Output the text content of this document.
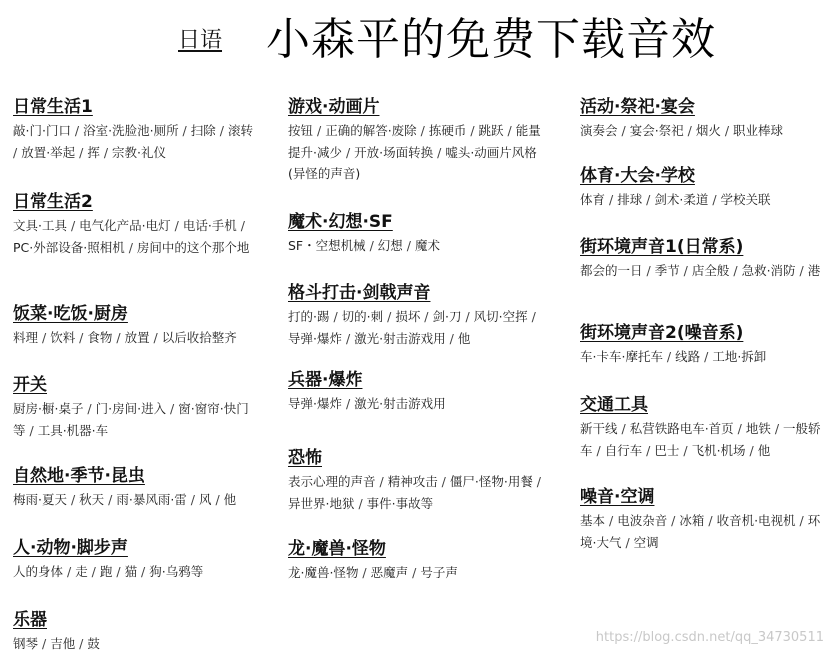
日语 小森平的免费下载音效
日常生活1
敲·门·门口 / 浴室·洗脸池·厕所 / 扫除 / 滚转 / 放置·举起 / 挥 / 宗教·礼仪
日常生活2
文具·工具 / 电气化产品·电灯 / 电话·手机 / PC·外部设备·照相机 / 房间中的这个那个地
饭菜·吃饭·厨房
料理 / 饮料 / 食物 / 放置 / 以后收拾整齐
开关
厨房·橱·桌子 / 门·房间·进入 / 窗·窗帘·快门等 / 工具·机器·车
自然地·季节·昆虫
梅雨·夏天 / 秋天 / 雨·暴风雨·雷 / 风 / 他
人·动物·脚步声
人的身体 / 走 / 跑 / 猫 / 狗·乌鸦等
乐器
钢琴 / 吉他 / 鼓
游戏·动画片
按钮 / 正确的解答·废除 / 拣硬币 / 跳跃 / 能量提升·减少 / 开放·场面转换 / 嘘头·动画片风格(异怪的声音)
魔术·幻想·SF
SF・空想机械 / 幻想 / 魔术
格斗打击·剑戟声音
打的·踢 / 切的·刺 / 损坏 / 剑·刀 / 风切·空挥 / 导弹·爆炸 / 激光·射击游戏用 / 他
兵器·爆炸
导弹·爆炸 / 激光·射击游戏用
恐怖
表示心理的声音 / 精神攻击 / 僵尸·怪物·用餐 / 异世界·地狱 / 事件·事故等
龙·魔兽·怪物
龙·魔兽·怪物 / 恶魔声 / 号子声
活动·祭祀·宴会
演奏会 / 宴会·祭祀 / 烟火 / 职业棒球
体育·大会·学校
体育 / 排球 / 剑术·柔道 / 学校关联
街环境声音1(日常系)
都会的一日 / 季节 / 店全般 / 急救·消防 / 港
街环境声音2(噪音系)
车·卡车·摩托车 / 线路 / 工地·拆卸
交通工具
新干线 / 私营铁路电车·首页 / 地铁 / 一般轿车 / 自行车 / 巴士 / 飞机·机场 / 他
噪音·空调
基本 / 电波杂音 / 冰箱 / 收音机·电视机 / 环境·大气 / 空调
https://blog.csdn.net/qq_34730511
